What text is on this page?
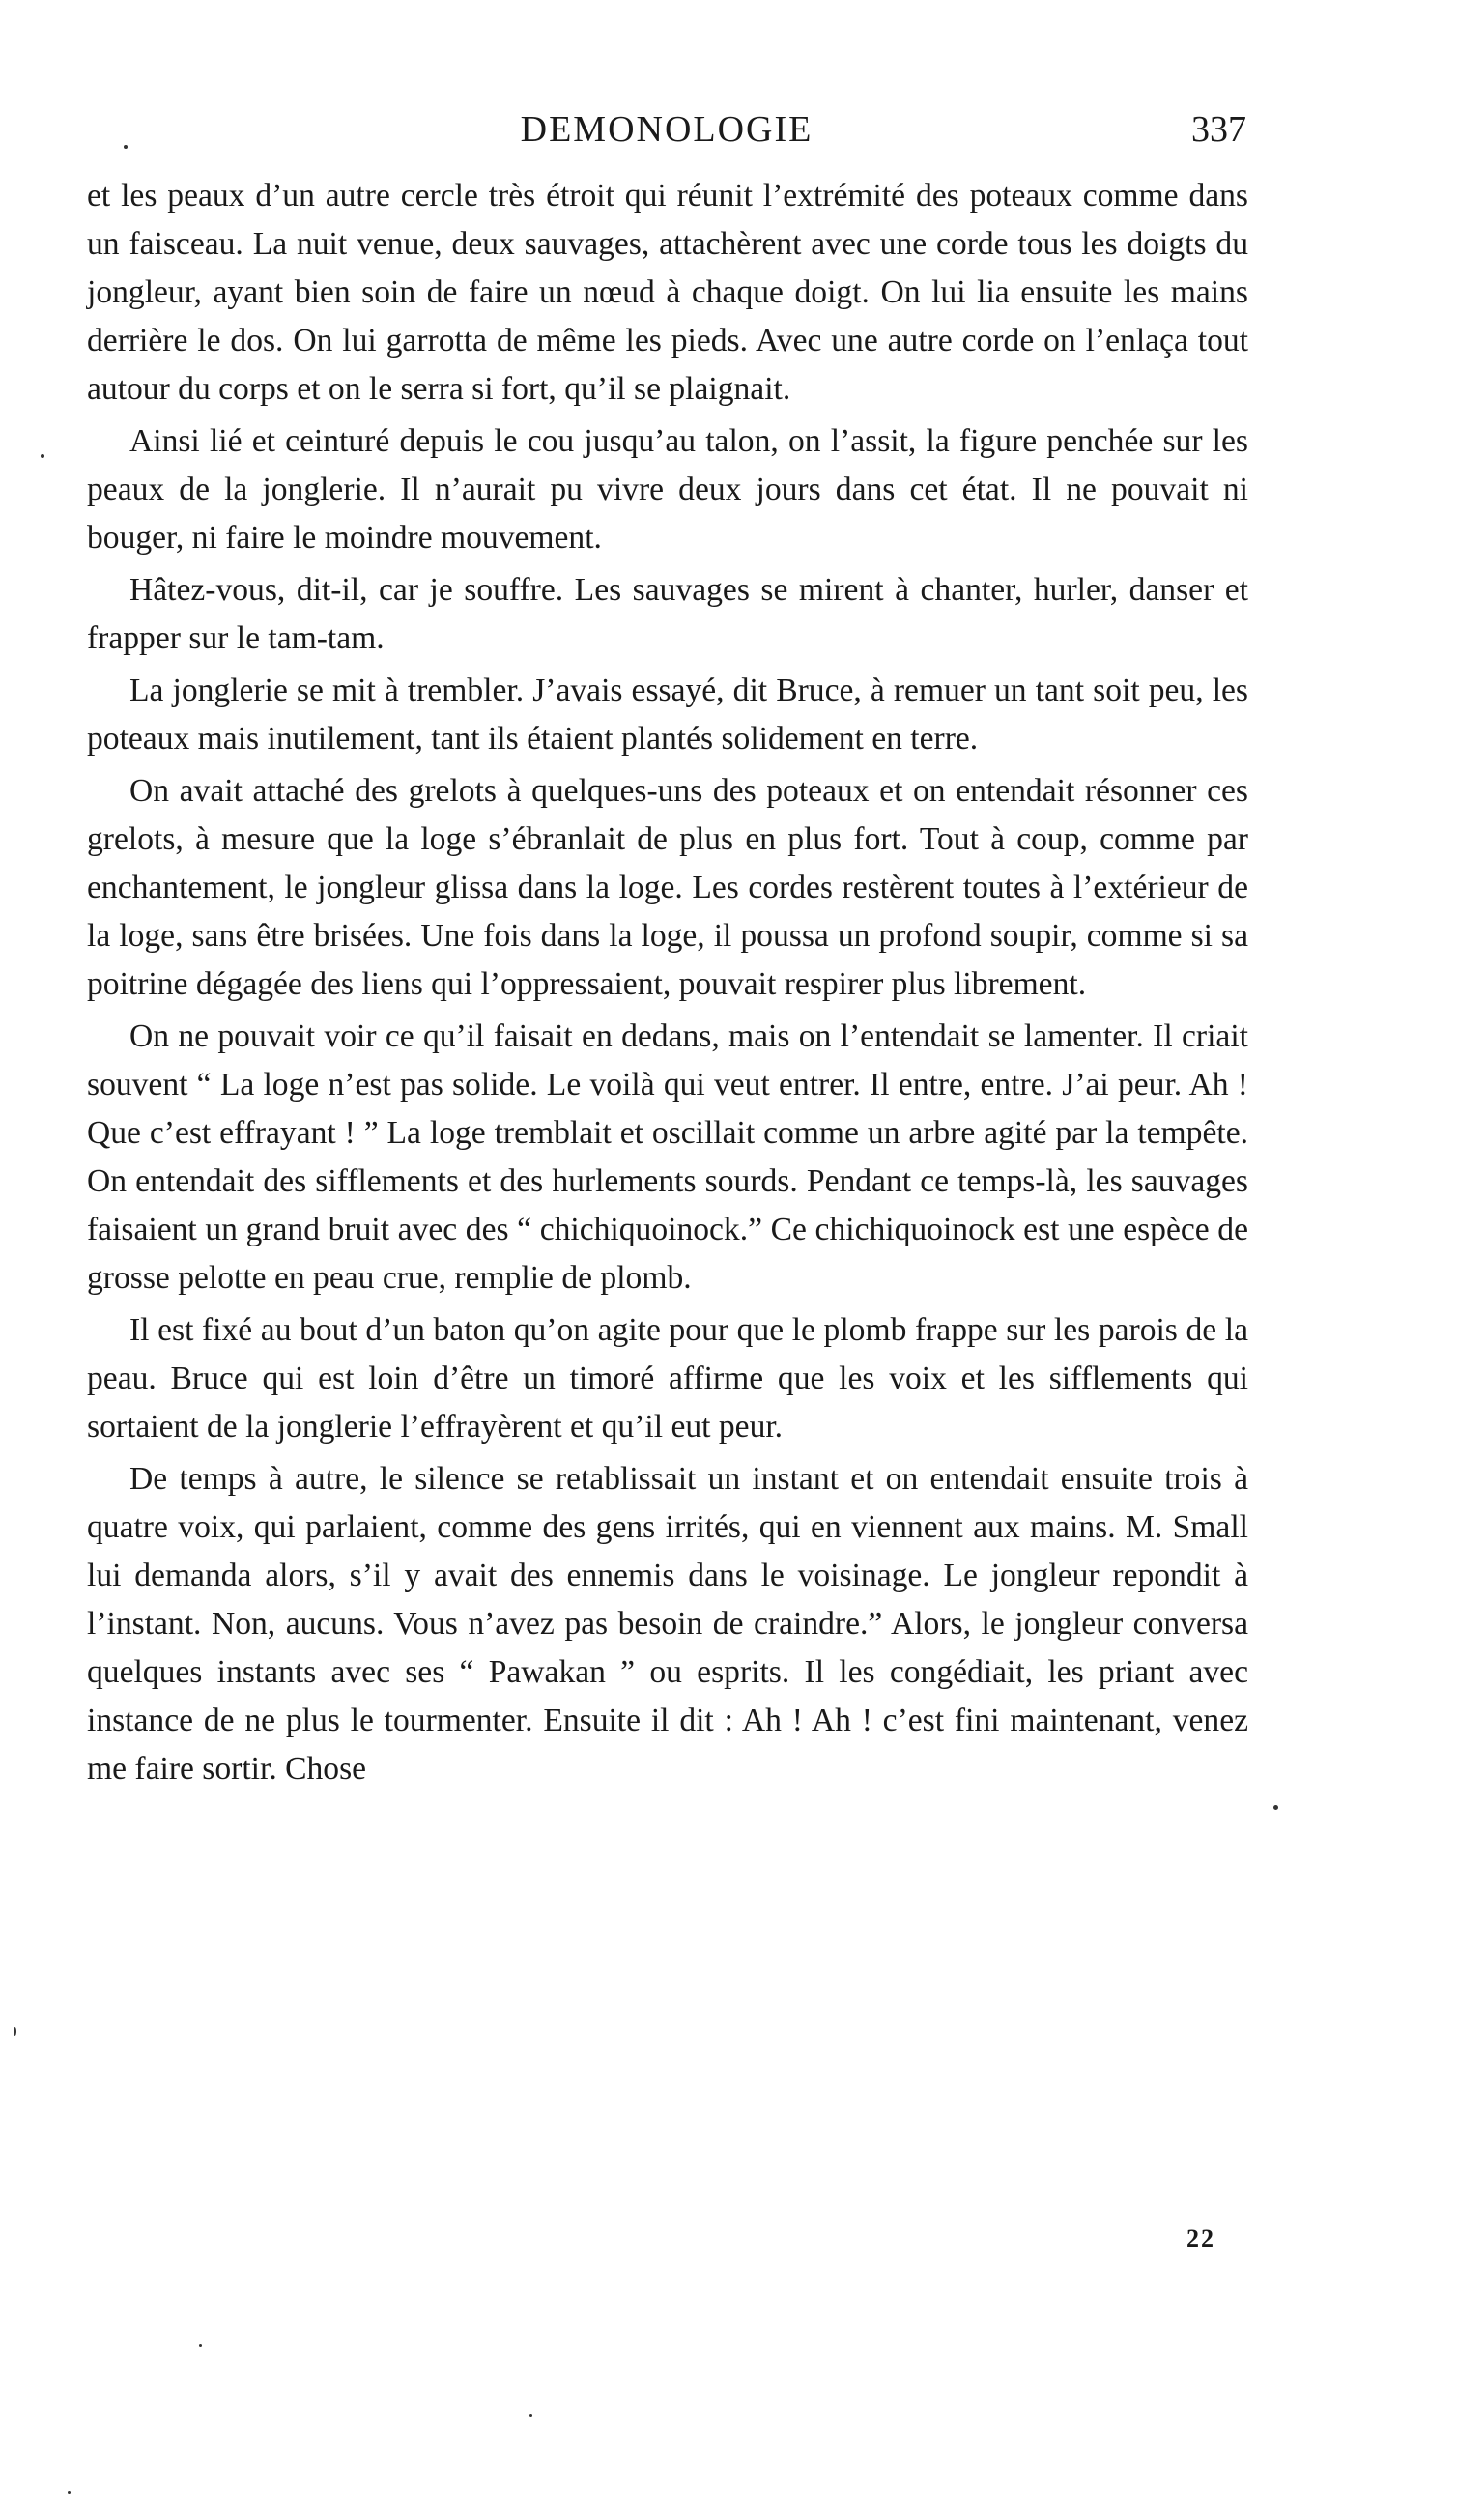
DEMONOLOGIE	337

et les peaux d’un autre cercle très étroit qui réunit l’extrémité des poteaux comme dans un faisceau. La nuit venue, deux sauvages, attachèrent avec une corde tous les doigts du jongleur, ayant bien soin de faire un nœud à chaque doigt. On lui lia ensuite les mains derrière le dos. On lui garrotta de même les pieds. Avec une autre corde on l’enlaça tout autour du corps et on le serra si fort, qu’il se plaignait.

Ainsi lié et ceinturé depuis le cou jusqu’au talon, on l’assit, la figure penchée sur les peaux de la jonglerie. Il n’aurait pu vivre deux jours dans cet état. Il ne pouvait ni bouger, ni faire le moindre mouvement.

Hâtez-vous, dit-il, car je souffre. Les sauvages se mirent à chanter, hurler, danser et frapper sur le tam-tam.

La jonglerie se mit à trembler. J’avais essayé, dit Bruce, à remuer un tant soit peu, les poteaux mais inutilement, tant ils étaient plantés solidement en terre.

On avait attaché des grelots à quelques-uns des poteaux et on entendait résonner ces grelots, à mesure que la loge s’ébranlait de plus en plus fort. Tout à coup, comme par enchantement, le jongleur glissa dans la loge. Les cordes restèrent toutes à l’extérieur de la loge, sans être brisées. Une fois dans la loge, il poussa un profond soupir, comme si sa poitrine dégagée des liens qui l’oppressaient, pouvait respirer plus librement.

On ne pouvait voir ce qu’il faisait en dedans, mais on l’entendait se lamenter. Il criait souvent “ La loge n’est pas solide. Le voilà qui veut entrer. Il entre, entre. J’ai peur. Ah ! Que c’est effrayant ! ” La loge tremblait et oscillait comme un arbre agité par la tempête. On entendait des sifflements et des hurlements sourds. Pendant ce temps-là, les sauvages faisaient un grand bruit avec des “ chichiquoinock.” Ce chichiquoinock est une espèce de grosse pelotte en peau crue, remplie de plomb.

Il est fixé au bout d’un baton qu’on agite pour que le plomb frappe sur les parois de la peau. Bruce qui est loin d’être un timoré affirme que les voix et les sifflements qui sortaient de la jonglerie l’effrayèrent et qu’il eut peur.

De temps à autre, le silence se retablissait un instant et on entendait ensuite trois à quatre voix, qui parlaient, comme des gens irrités, qui en viennent aux mains. M. Small lui demanda alors, s’il y avait des ennemis dans le voisinage. Le jongleur repondit à l’instant. Non, aucuns. Vous n’avez pas besoin de craindre.” Alors, le jongleur conversa quelques instants avec ses “ Pawakan ” ou esprits. Il les congédiait, les priant avec instance de ne plus le tourmenter. Ensuite il dit : Ah ! Ah ! c’est fini maintenant, venez me faire sortir. Chose

22
